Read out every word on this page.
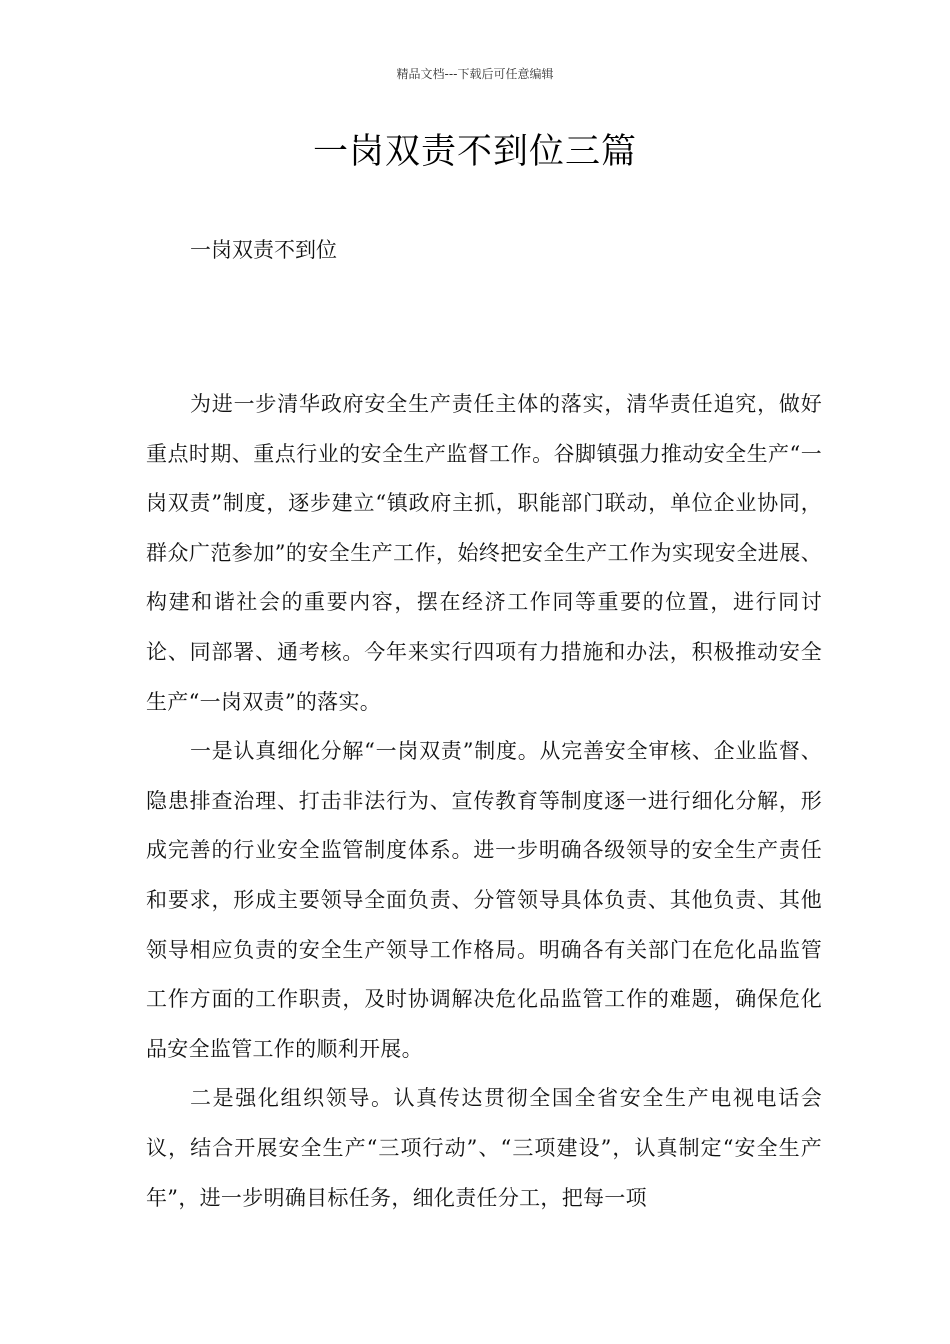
精品文档---下载后可任意编辑
一岗双责不到位三篇

一岗双责不到位

为进一步清华政府安全生产责任主体的落实，清华责任追究，做好重点时期、重点行业的安全生产监督工作。谷脚镇强力推动安全生产“一岗双责”制度，逐步建立“镇政府主抓，职能部门联动，单位企业协同，群众广范参加”的安全生产工作，始终把安全生产工作为实现安全进展、构建和谐社会的重要内容，摆在经济工作同等重要的位置，进行同讨论、同部署、通考核。今年来实行四项有力措施和办法，积极推动安全生产“一岗双责”的落实。

一是认真细化分解“一岗双责”制度。从完善安全审核、企业监督、隐患排查治理、打击非法行为、宣传教育等制度逐一进行细化分解，形成完善的行业安全监管制度体系。进一步明确各级领导的安全生产责任和要求，形成主要领导全面负责、分管领导具体负责、其他负责、其他领导相应负责的安全生产领导工作格局。明确各有关部门在危化品监管工作方面的工作职责，及时协调解决危化品监管工作的难题，确保危化品安全监管工作的顺利开展。

二是强化组织领导。认真传达贯彻全国全省安全生产电视电话会议，结合开展安全生产“三项行动”、“三项建设”，认真制定“安全生产年”，进一步明确目标任务，细化责任分工，把每一项
